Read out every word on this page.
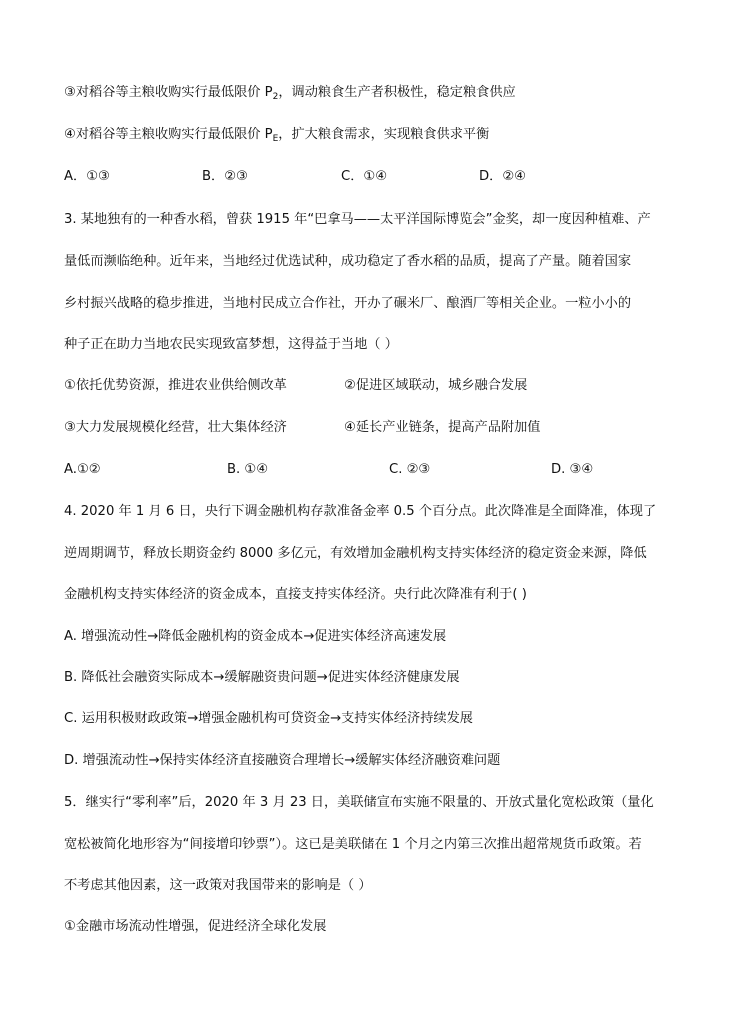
③对稻谷等主粮收购实行最低限价 $P_2$，调动粮食生产者积极性，稳定粮食供应
④对稻谷等主粮收购实行最低限价 $P_E$，扩大粮食需求，实现粮食供求平衡
A．①③	B．②③	C．①④	D．②④
3. 某地独有的一种香水稻，曾获 1915 年“巴拿马——太平洋国际博览会”金奖，却一度因种植难、产
量低而濒临绝种。近年来，当地经过优选试种，成功稳定了香水稻的品质，提高了产量。随着国家
乡村振兴战略的稳步推进，当地村民成立合作社，开办了碾米厂、酿酒厂等相关企业。一粒小小的
种子正在助力当地农民实现致富梦想，这得益于当地（ ）
①依托优势资源，推进农业供给侧改革	②促进区域联动，城乡融合发展
③大力发展规模化经营，壮大集体经济	④延长产业链条，提高产品附加值
A.①②	B. ①④	C. ②③	D. ③④
4. 2020 年 1 月 6 日，央行下调金融机构存款准备金率 0.5 个百分点。此次降准是全面降准，体现了
逆周期调节，释放长期资金约 8000 多亿元，有效增加金融机构支持实体经济的稳定资金来源，降低
金融机构支持实体经济的资金成本，直接支持实体经济。央行此次降准有利于( )
A. 增强流动性→降低金融机构的资金成本→促进实体经济高速发展
B. 降低社会融资实际成本→缓解融资贵问题→促进实体经济健康发展
C. 运用积极财政政策→增强金融机构可贷资金→支持实体经济持续发展
D. 增强流动性→保持实体经济直接融资合理增长→缓解实体经济融资难问题
5．继实行“零利率”后，2020 年 3 月 23 日，美联储宣布实施不限量的、开放式量化宽松政策（量化
宽松被简化地形容为“间接增印钞票”）。这已是美联储在 1 个月之内第三次推出超常规货币政策。若
不考虑其他因素，这一政策对我国带来的影响是（ ）
①金融市场流动性增强，促进经济全球化发展
